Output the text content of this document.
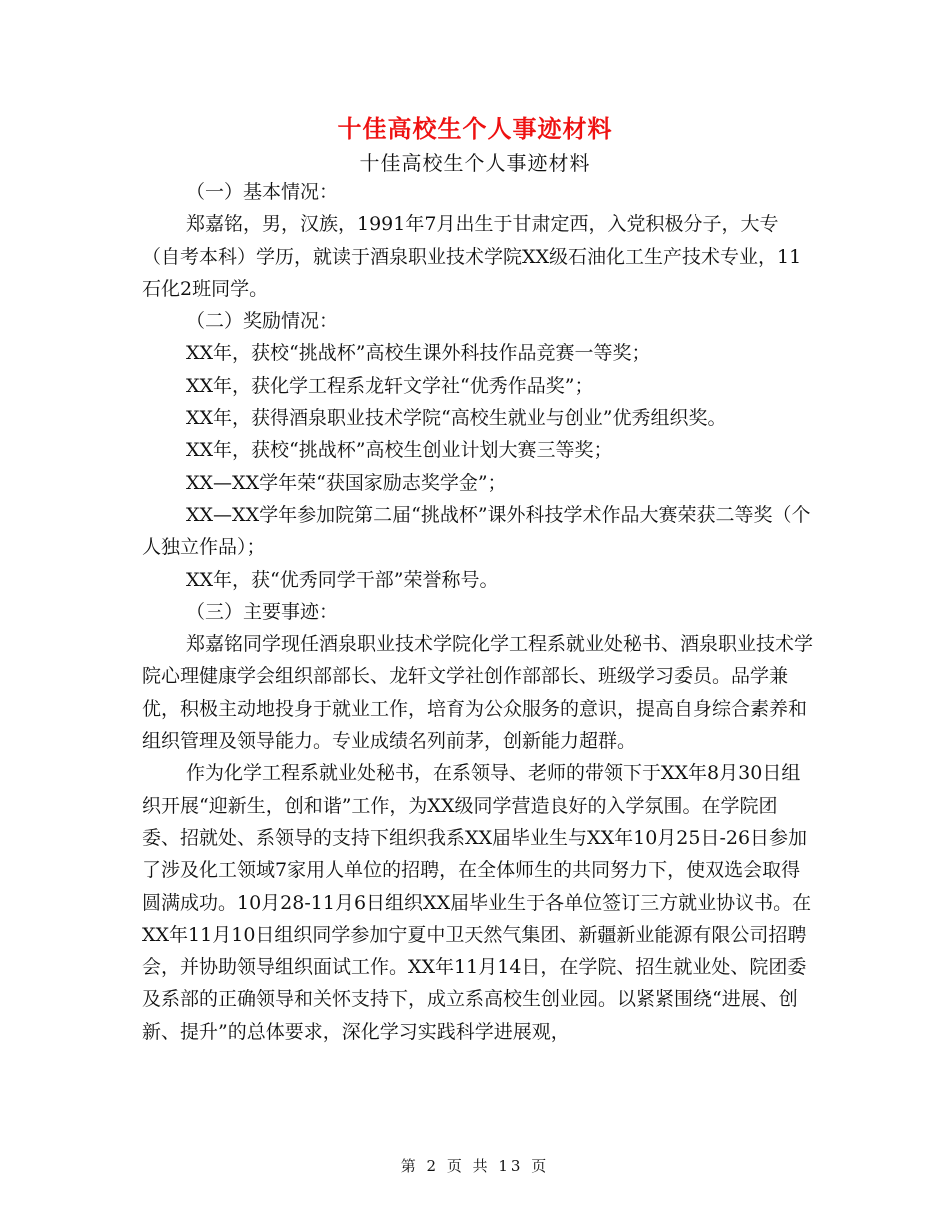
十佳高校生个人事迹材料
十佳高校生个人事迹材料

（一）基本情况：

郑嘉铭，男，汉族，1991年7月出生于甘肃定西，入党积极分子，大专（自考本科）学历，就读于酒泉职业技术学院XX级石油化工生产技术专业，11石化2班同学。

（二）奖励情况：

XX年，获校“挑战杯”高校生课外科技作品竞赛一等奖；

XX年，获化学工程系龙轩文学社“优秀作品奖”；

XX年，获得酒泉职业技术学院“高校生就业与创业”优秀组织奖。

XX年，获校“挑战杯”高校生创业计划大赛三等奖；

XX—XX学年荣“获国家励志奖学金”；

XX—XX学年参加院第二届“挑战杯”课外科技学术作品大赛荣获二等奖（个人独立作品）；

XX年，获“优秀同学干部”荣誉称号。

（三）主要事迹：

郑嘉铭同学现任酒泉职业技术学院化学工程系就业处秘书、酒泉职业技术学院心理健康学会组织部部长、龙轩文学社创作部部长、班级学习委员。品学兼优，积极主动地投身于就业工作，培育为公众服务的意识，提高自身综合素养和组织管理及领导能力。专业成绩名列前茅，创新能力超群。

作为化学工程系就业处秘书，在系领导、老师的带领下于XX年8月30日组织开展“迎新生，创和谐”工作，为XX级同学营造良好的入学氛围。在学院团委、招就处、系领导的支持下组织我系XX届毕业生与XX年10月25日-26日参加了涉及化工领域7家用人单位的招聘，在全体师生的共同努力下，使双选会取得圆满成功。10月28-11月6日组织XX届毕业生于各单位签订三方就业协议书。在XX年11月10日组织同学参加宁夏中卫天然气集团、新疆新业能源有限公司招聘会，并协助领导组织面试工作。XX年11月14日，在学院、招生就业处、院团委及系部的正确领导和关怀支持下，成立系高校生创业园。以紧紧围绕“进展、创新、提升”的总体要求，深化学习实践科学进展观，

第 2 页 共 13 页
